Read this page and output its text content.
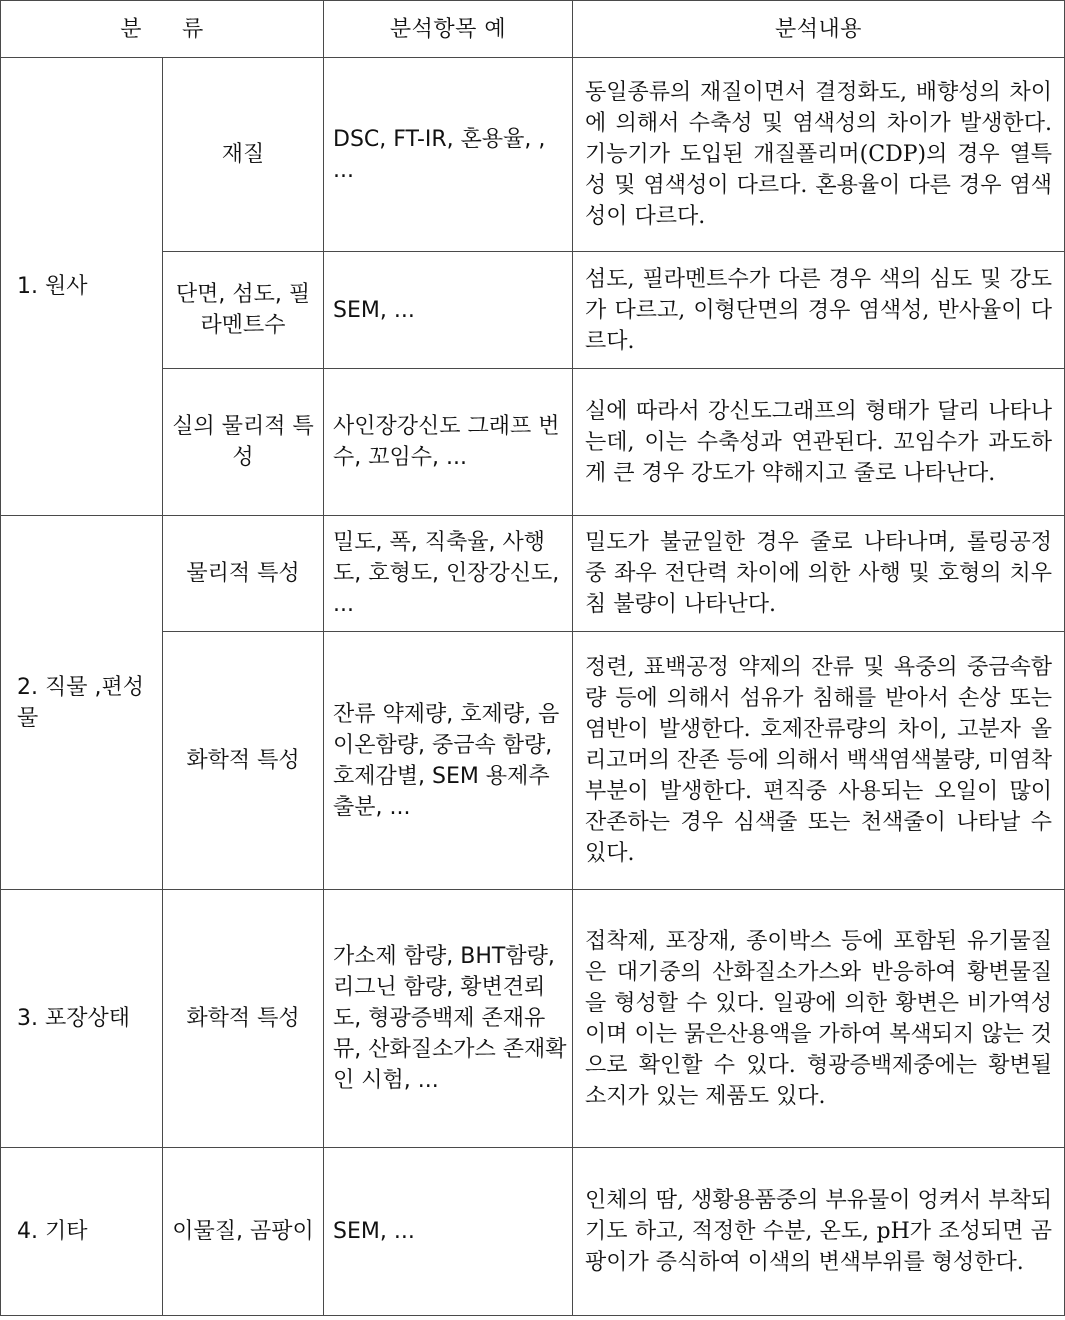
분 류		분석항목 예	분석내용
1. 원사	재질	DSC, FT-IR, 혼용율, , ...	동일종류의 재질이면서 결정화도, 배향성의 차이에 의해서 수축성 및 염색성의 차이가 발생한다. 기능기가 도입된 개질폴리머(CDP)의 경우 열특성 및 염색성이 다르다. 혼용율이 다른 경우 염색성이 다르다.
	단면, 섬도, 필라멘트수	SEM, ...	섬도, 필라멘트수가 다른 경우 색의 심도 및 강도가 다르고, 이형단면의 경우 염색성, 반사율이 다르다.
	실의 물리적 특성	사인장강신도 그래프 번수, 꼬임수, ...	실에 따라서 강신도그래프의 형태가 달리 나타나는데, 이는 수축성과 연관된다. 꼬임수가 과도하게 큰 경우 강도가 약해지고 줄로 나타난다.
2. 직물 ,편성물	물리적 특성	밀도, 폭, 직축율, 사행도, 호형도, 인장강신도, ...	밀도가 불균일한 경우 줄로 나타나며, 롤링공정 중 좌우 전단력 차이에 의한 사행 및 호형의 치우침 불량이 나타난다.
	화학적 특성	잔류 약제량, 호제량, 음이온함량, 중금속 함량, 호제감별, SEM 용제추출분, ...	정련, 표백공정 약제의 잔류 및 욕중의 중금속함량 등에 의해서 섬유가 침해를 받아서 손상 또는 염반이 발생한다. 호제잔류량의 차이, 고분자 올리고머의 잔존 등에 의해서 백색염색불량, 미염착부분이 발생한다. 편직중 사용되는 오일이 많이 잔존하는 경우 심색줄 또는 천색줄이 나타날 수 있다.
3. 포장상태	화학적 특성	가소제 함량, BHT함량, 리그닌 함량, 황변견뢰도, 형광증백제 존재유뮤, 산화질소가스 존재확인 시험, ...	접착제, 포장재, 종이박스 등에 포함된 유기물질은 대기중의 산화질소가스와 반응하여 황변물질을 형성할 수 있다. 일광에 의한 황변은 비가역성이며 이는 묽은산용액을 가하여 복색되지 않는 것으로 확인할 수 있다. 형광증백제중에는 황변될 소지가 있는 제품도 있다.
4. 기타	이물질, 곰팡이	SEM, ...	인체의 땀, 생황용품중의 부유물이 엉켜서 부착되기도 하고, 적정한 수분, 온도, pH가 조성되면 곰팡이가 증식하여 이색의 변색부위를 형성한다.
